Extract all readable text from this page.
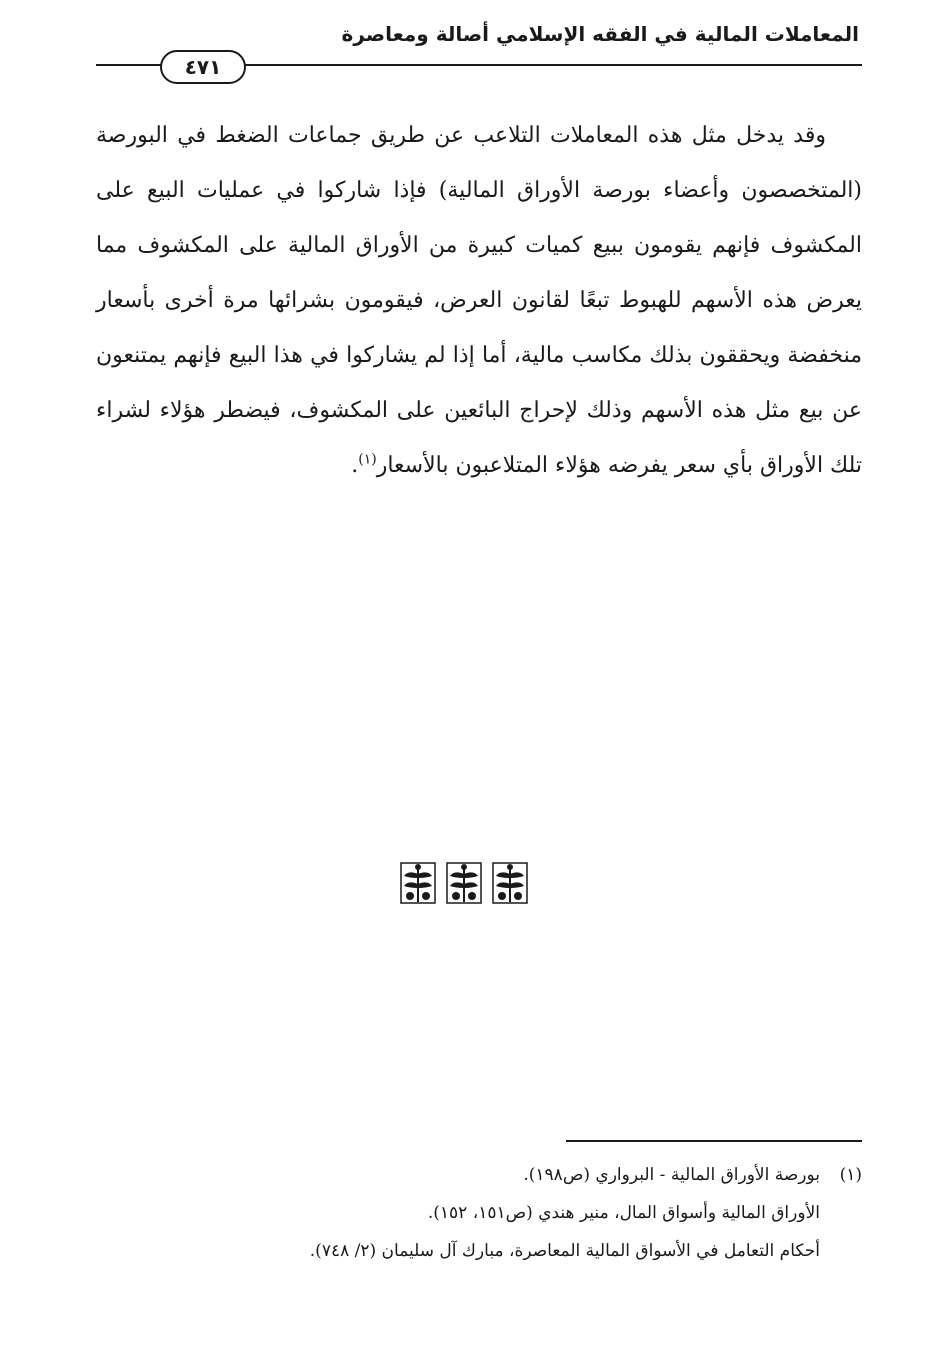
المعاملات المالية في الفقه الإسلامي أصالة ومعاصرة
٤٧١

وقد يدخل مثل هذه المعاملات التلاعب عن طريق جماعات الضغط في البورصة (المتخصصون وأعضاء بورصة الأوراق المالية) فإذا شاركوا في عمليات البيع على المكشوف فإنهم يقومون ببيع كميات كبيرة من الأوراق المالية على المكشوف مما يعرض هذه الأسهم للهبوط تبعًا لقانون العرض، فيقومون بشرائها مرة أخرى بأسعار منخفضة ويحققون بذلك مكاسب مالية، أما إذا لم يشاركوا في هذا البيع فإنهم يمتنعون عن بيع مثل هذه الأسهم وذلك لإحراج البائعين على المكشوف، فيضطر هؤلاء لشراء تلك الأوراق بأي سعر يفرضه هؤلاء المتلاعبون بالأسعار$^{(١)}$.

(١)بورصة الأوراق المالية - البرواري (ص١٩٨).
الأوراق المالية وأسواق المال، منير هندي (ص١٥١، ١٥٢).
أحكام التعامل في الأسواق المالية المعاصرة، مبارك آل سليمان (٢/ ٧٤٨).
